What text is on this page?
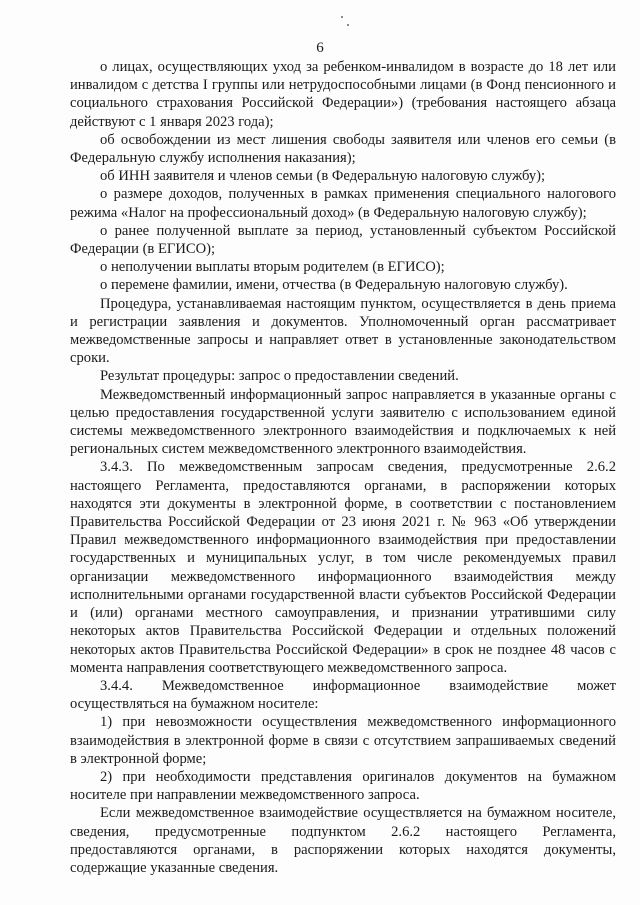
6

о лицах, осуществляющих уход за ребенком-инвалидом в возрасте до 18 лет или инвалидом с детства I группы или нетрудоспособными лицами (в Фонд пенсионного и социального страхования Российской Федерации») (требования настоящего абзаца действуют с 1 января 2023 года);

об освобождении из мест лишения свободы заявителя или членов его семьи (в Федеральную службу исполнения наказания);

об ИНН заявителя и членов семьи (в Федеральную налоговую службу);

о размере доходов, полученных в рамках применения специального налогового режима «Налог на профессиональный доход» (в Федеральную налоговую службу);

о ранее полученной выплате за период, установленный субъектом Российской Федерации (в ЕГИСО);

о неполучении выплаты вторым родителем (в ЕГИСО);

о перемене фамилии, имени, отчества (в Федеральную налоговую службу).

Процедура, устанавливаемая настоящим пунктом, осуществляется в день приема и регистрации заявления и документов. Уполномоченный орган рассматривает межведомственные запросы и направляет ответ в установленные законодательством сроки.

Результат процедуры: запрос о предоставлении сведений.

Межведомственный информационный запрос направляется в указанные органы с целью предоставления государственной услуги заявителю с использованием единой системы межведомственного электронного взаимодействия и подключаемых к ней региональных систем межведомственного электронного взаимодействия.

3.4.3. По межведомственным запросам сведения, предусмотренные 2.6.2 настоящего Регламента, предоставляются органами, в распоряжении которых находятся эти документы в электронной форме, в соответствии с постановлением Правительства Российской Федерации от 23 июня 2021 г. № 963 «Об утверждении Правил межведомственного информационного взаимодействия при предоставлении государственных и муниципальных услуг, в том числе рекомендуемых правил организации межведомственного информационного взаимодействия между исполнительными органами государственной власти субъектов Российской Федерации и (или) органами местного самоуправления, и признании утратившими силу некоторых актов Правительства Российской Федерации и отдельных положений некоторых актов Правительства Российской Федерации» в срок не позднее 48 часов с момента направления соответствующего межведомственного запроса.

3.4.4. Межведомственное информационное взаимодействие может осуществляться на бумажном носителе:

1) при невозможности осуществления межведомственного информационного взаимодействия в электронной форме в связи с отсутствием запрашиваемых сведений в электронной форме;

2) при необходимости представления оригиналов документов на бумажном носителе при направлении межведомственного запроса.

Если межведомственное взаимодействие осуществляется на бумажном носителе, сведения, предусмотренные подпунктом 2.6.2 настоящего Регламента, предоставляются органами, в распоряжении которых находятся документы, содержащие указанные сведения.
